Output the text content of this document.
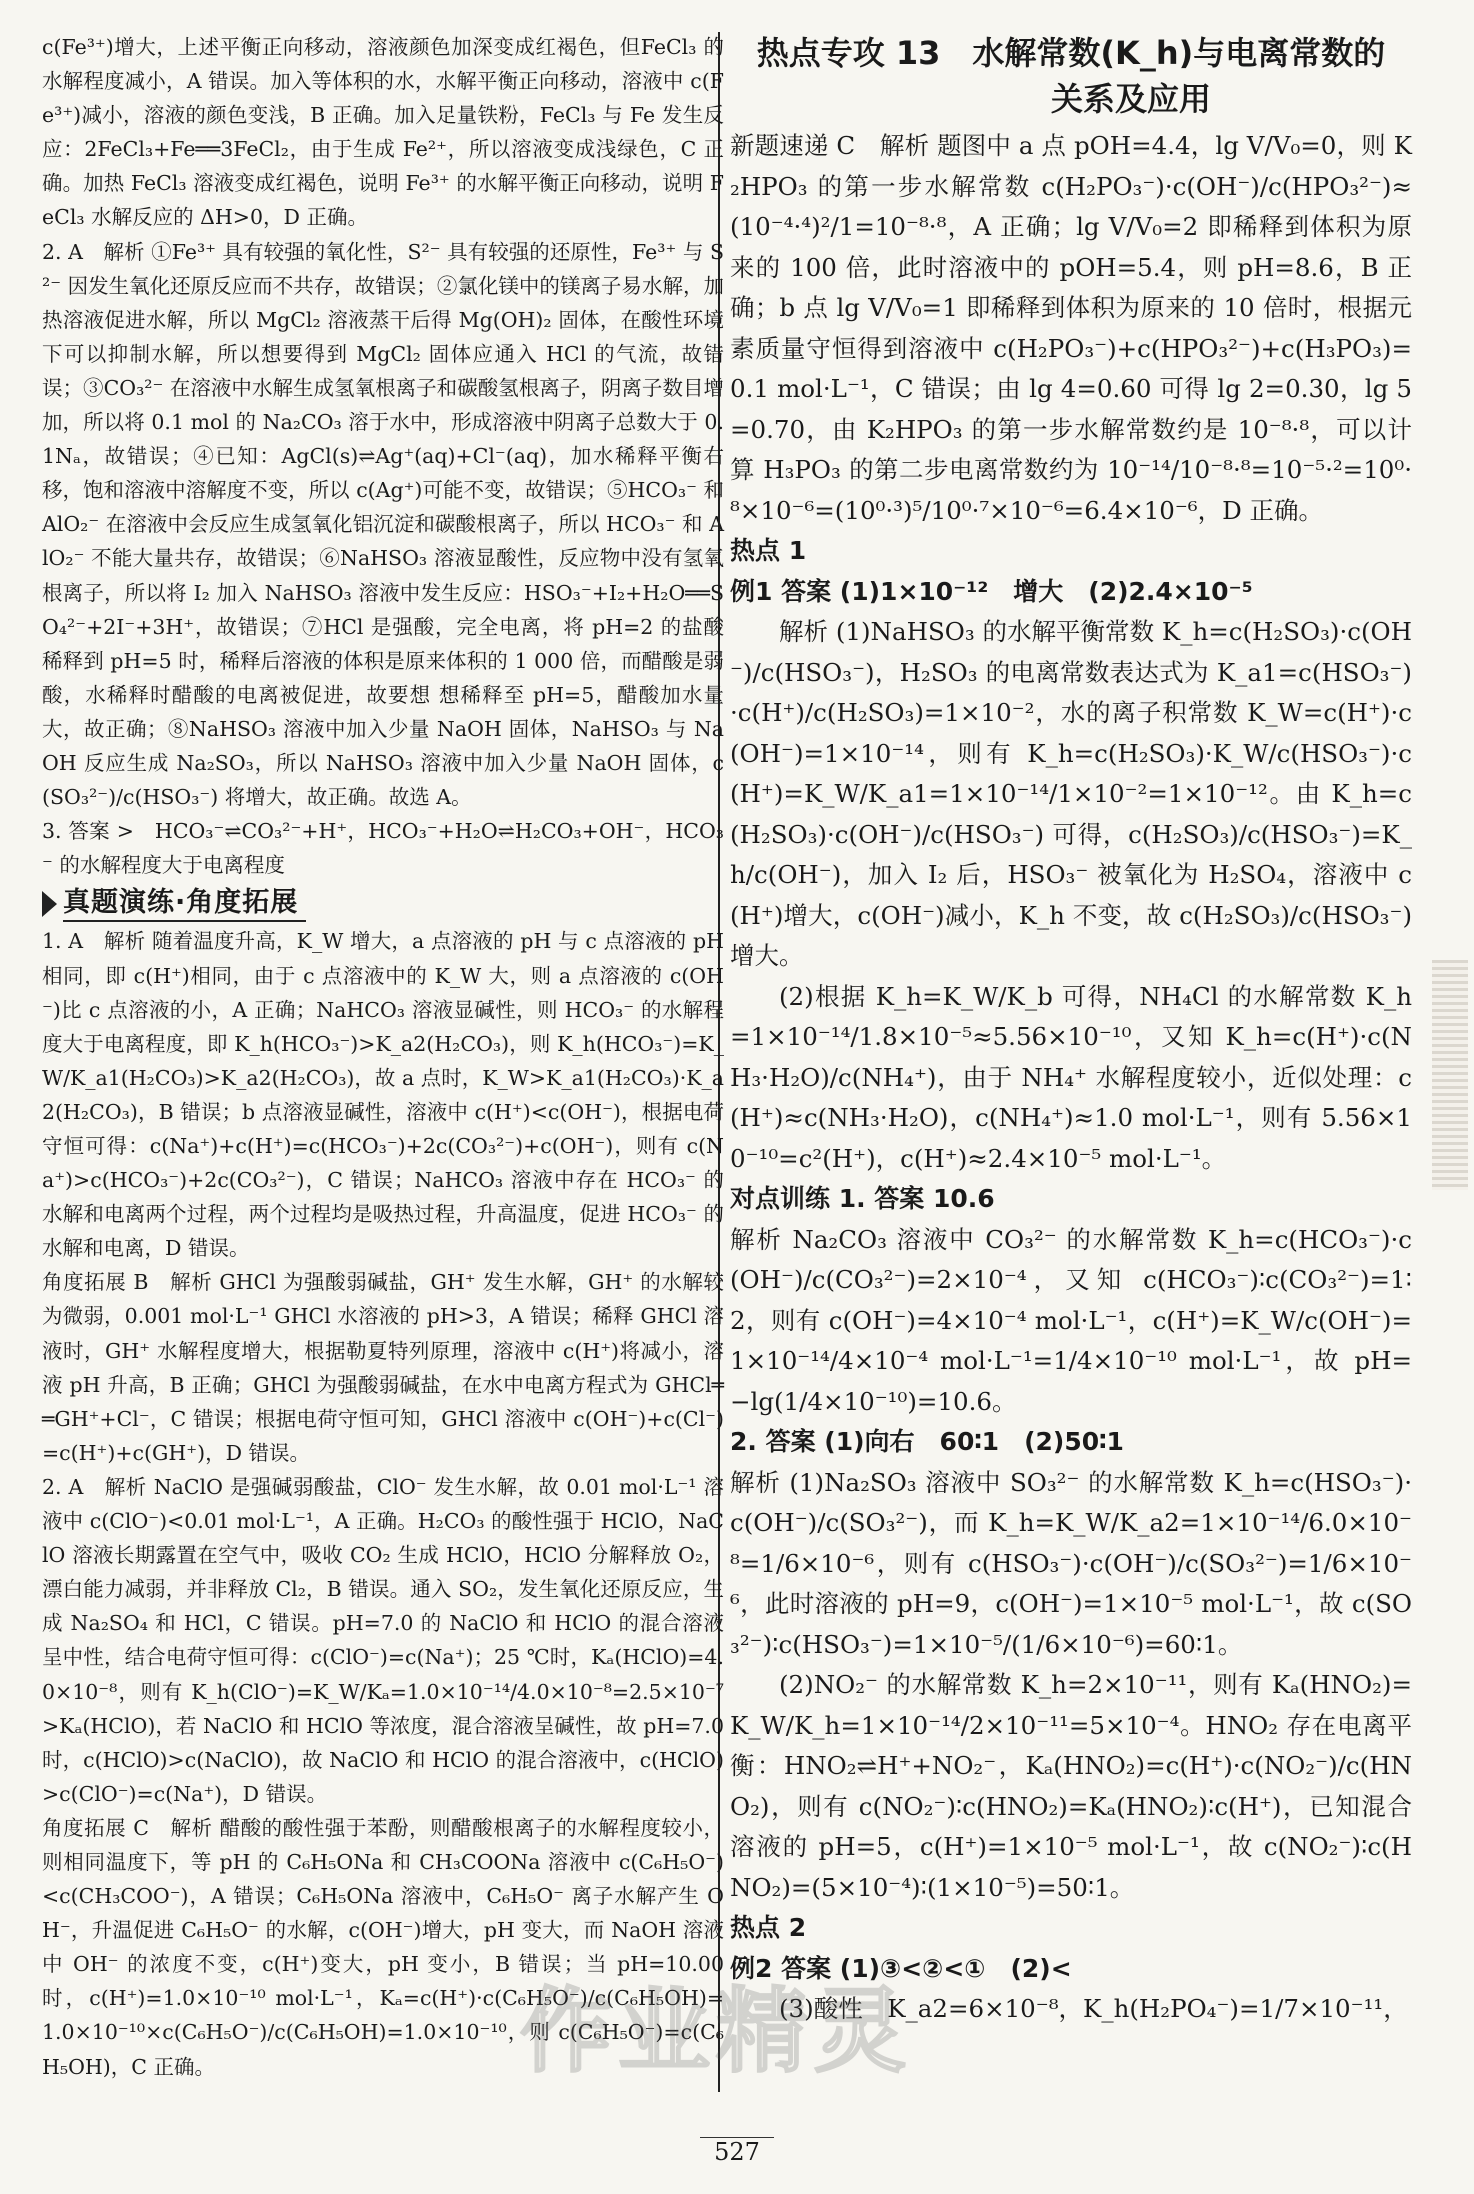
c(Fe³⁺)增大，上述平衡正向移动，溶液颜色加深变成红褐色，但FeCl₃ 的水解程度减小，A 错误。加入等体积的水，水解平衡正向移动，溶液中 c(Fe³⁺)减小，溶液的颜色变浅，B 正确。加入足量铁粉，FeCl₃ 与 Fe 发生反应：2FeCl₃+Fe══3FeCl₂，由于生成 Fe²⁺，所以溶液变成浅绿色，C 正确。加热 FeCl₃ 溶液变成红褐色，说明 Fe³⁺ 的水解平衡正向移动，说明 FeCl₃ 水解反应的 ΔH>0，D 正确。

2. A　解析 ①Fe³⁺ 具有较强的氧化性，S²⁻ 具有较强的还原性，Fe³⁺ 与 S²⁻ 因发生氧化还原反应而不共存，故错误；②氯化镁中的镁离子易水解，加热溶液促进水解，所以 MgCl₂ 溶液蒸干后得 Mg(OH)₂ 固体，在酸性环境下可以抑制水解，所以想要得到 MgCl₂ 固体应通入 HCl 的气流，故错误；③CO₃²⁻ 在溶液中水解生成氢氧根离子和碳酸氢根离子，阴离子数目增加，所以将 0.1 mol 的 Na₂CO₃ 溶于水中，形成溶液中阴离子总数大于 0.1Nₐ，故错误；④已知：AgCl(s)⇌Ag⁺(aq)+Cl⁻(aq)，加水稀释平衡右移，饱和溶液中溶解度不变，所以 c(Ag⁺)可能不变，故错误；⑤HCO₃⁻ 和 AlO₂⁻ 在溶液中会反应生成氢氧化铝沉淀和碳酸根离子，所以 HCO₃⁻ 和 AlO₂⁻ 不能大量共存，故错误；⑥NaHSO₃ 溶液显酸性，反应物中没有氢氧根离子，所以将 I₂ 加入 NaHSO₃ 溶液中发生反应：HSO₃⁻+I₂+H₂O══SO₄²⁻+2I⁻+3H⁺，故错误；⑦HCl 是强酸，完全电离，将 pH=2 的盐酸稀释到 pH=5 时，稀释后溶液的体积是原来体积的 1 000 倍，而醋酸是弱酸，水稀释时醋酸的电离被促进，故要想 想稀释至 pH=5，醋酸加水量大，故正确；⑧NaHSO₃ 溶液中加入少量 NaOH 固体，NaHSO₃ 与 NaOH 反应生成 Na₂SO₃，所以 NaHSO₃ 溶液中加入少量 NaOH 固体，c(SO₃²⁻)/c(HSO₃⁻) 将增大，故正确。故选 A。

3. 答案 >　HCO₃⁻⇌CO₃²⁻+H⁺，HCO₃⁻+H₂O⇌H₂CO₃+OH⁻，HCO₃⁻ 的水解程度大于电离程度

真题演练·角度拓展

1. A　解析 随着温度升高，K_W 增大，a 点溶液的 pH 与 c 点溶液的 pH 相同，即 c(H⁺)相同，由于 c 点溶液中的 K_W 大，则 a 点溶液的 c(OH⁻)比 c 点溶液的小，A 正确；NaHCO₃ 溶液显碱性，则 HCO₃⁻ 的水解程度大于电离程度，即 K_h(HCO₃⁻)>K_a2(H₂CO₃)，则 K_h(HCO₃⁻)=K_W/K_a1(H₂CO₃)>K_a2(H₂CO₃)，故 a 点时，K_W>K_a1(H₂CO₃)·K_a2(H₂CO₃)，B 错误；b 点溶液显碱性，溶液中 c(H⁺)<c(OH⁻)，根据电荷守恒可得：c(Na⁺)+c(H⁺)=c(HCO₃⁻)+2c(CO₃²⁻)+c(OH⁻)，则有 c(Na⁺)>c(HCO₃⁻)+2c(CO₃²⁻)，C 错误；NaHCO₃ 溶液中存在 HCO₃⁻ 的水解和电离两个过程，两个过程均是吸热过程，升高温度，促进 HCO₃⁻ 的水解和电离，D 错误。

角度拓展 B　解析 GHCl 为强酸弱碱盐，GH⁺ 发生水解，GH⁺ 的水解较为微弱，0.001 mol·L⁻¹ GHCl 水溶液的 pH>3，A 错误；稀释 GHCl 溶液时，GH⁺ 水解程度增大，根据勒夏特列原理，溶液中 c(H⁺)将减小，溶液 pH 升高，B 正确；GHCl 为强酸弱碱盐，在水中电离方程式为 GHCl══GH⁺+Cl⁻，C 错误；根据电荷守恒可知，GHCl 溶液中 c(OH⁻)+c(Cl⁻)=c(H⁺)+c(GH⁺)，D 错误。

2. A　解析 NaClO 是强碱弱酸盐，ClO⁻ 发生水解，故 0.01 mol·L⁻¹ 溶液中 c(ClO⁻)<0.01 mol·L⁻¹，A 正确。H₂CO₃ 的酸性强于 HClO，NaClO 溶液长期露置在空气中，吸收 CO₂ 生成 HClO，HClO 分解释放 O₂，漂白能力减弱，并非释放 Cl₂，B 错误。通入 SO₂，发生氧化还原反应，生成 Na₂SO₄ 和 HCl，C 错误。pH=7.0 的 NaClO 和 HClO 的混合溶液呈中性，结合电荷守恒可得：c(ClO⁻)=c(Na⁺)；25 ℃时，Kₐ(HClO)=4.0×10⁻⁸，则有 K_h(ClO⁻)=K_W/Kₐ=1.0×10⁻¹⁴/4.0×10⁻⁸=2.5×10⁻⁷>Kₐ(HClO)，若 NaClO 和 HClO 等浓度，混合溶液呈碱性，故 pH=7.0 时，c(HClO)>c(NaClO)，故 NaClO 和 HClO 的混合溶液中，c(HClO)>c(ClO⁻)=c(Na⁺)，D 错误。

角度拓展 C　解析 醋酸的酸性强于苯酚，则醋酸根离子的水解程度较小，则相同温度下，等 pH 的 C₆H₅ONa 和 CH₃COONa 溶液中 c(C₆H₅O⁻)<c(CH₃COO⁻)，A 错误；C₆H₅ONa 溶液中，C₆H₅O⁻ 离子水解产生 OH⁻，升温促进 C₆H₅O⁻ 的水解，c(OH⁻)增大，pH 变大，而 NaOH 溶液中 OH⁻ 的浓度不变，c(H⁺)变大，pH 变小，B 错误；当 pH=10.00 时，c(H⁺)=1.0×10⁻¹⁰ mol·L⁻¹，Kₐ=c(H⁺)·c(C₆H₅O⁻)/c(C₆H₅OH)=1.0×10⁻¹⁰×c(C₆H₅O⁻)/c(C₆H₅OH)=1.0×10⁻¹⁰，则 c(C₆H₅O⁻)=c(C₆H₅OH)，C 正确。

热点专攻 13　水解常数(K_h)与电离常数的
关系及应用

新题速递 C　解析 题图中 a 点 pOH=4.4，lg V/V₀=0，则 K₂HPO₃ 的第一步水解常数 c(H₂PO₃⁻)·c(OH⁻)/c(HPO₃²⁻)≈(10⁻⁴·⁴)²/1=10⁻⁸·⁸，A 正确；lg V/V₀=2 即稀释到体积为原来的 100 倍，此时溶液中的 pOH=5.4，则 pH=8.6，B 正确；b 点 lg V/V₀=1 即稀释到体积为原来的 10 倍时，根据元素质量守恒得到溶液中 c(H₂PO₃⁻)+c(HPO₃²⁻)+c(H₃PO₃)=0.1 mol·L⁻¹，C 错误；由 lg 4=0.60 可得 lg 2=0.30，lg 5=0.70，由 K₂HPO₃ 的第一步水解常数约是 10⁻⁸·⁸，可以计算 H₃PO₃ 的第二步电离常数约为 10⁻¹⁴/10⁻⁸·⁸=10⁻⁵·²=10⁰·⁸×10⁻⁶=(10⁰·³)⁵/10⁰·⁷×10⁻⁶=6.4×10⁻⁶，D 正确。

热点 1

例1 答案 (1)1×10⁻¹²　增大　(2)2.4×10⁻⁵

解析 (1)NaHSO₃ 的水解平衡常数 K_h=c(H₂SO₃)·c(OH⁻)/c(HSO₃⁻)，H₂SO₃ 的电离常数表达式为 K_a1=c(HSO₃⁻)·c(H⁺)/c(H₂SO₃)=1×10⁻²，水的离子积常数 K_W=c(H⁺)·c(OH⁻)=1×10⁻¹⁴，则有 K_h=c(H₂SO₃)·K_W/c(HSO₃⁻)·c(H⁺)=K_W/K_a1=1×10⁻¹⁴/1×10⁻²=1×10⁻¹²。由 K_h=c(H₂SO₃)·c(OH⁻)/c(HSO₃⁻) 可得，c(H₂SO₃)/c(HSO₃⁻)=K_h/c(OH⁻)，加入 I₂ 后，HSO₃⁻ 被氧化为 H₂SO₄，溶液中 c(H⁺)增大，c(OH⁻)减小，K_h 不变，故 c(H₂SO₃)/c(HSO₃⁻) 增大。

(2)根据 K_h=K_W/K_b 可得，NH₄Cl 的水解常数 K_h=1×10⁻¹⁴/1.8×10⁻⁵≈5.56×10⁻¹⁰，又知 K_h=c(H⁺)·c(NH₃·H₂O)/c(NH₄⁺)，由于 NH₄⁺ 水解程度较小，近似处理：c(H⁺)≈c(NH₃·H₂O)，c(NH₄⁺)≈1.0 mol·L⁻¹，则有 5.56×10⁻¹⁰=c²(H⁺)，c(H⁺)≈2.4×10⁻⁵ mol·L⁻¹。

对点训练 1. 答案 10.6

解析 Na₂CO₃ 溶液中 CO₃²⁻ 的水解常数 K_h=c(HCO₃⁻)·c(OH⁻)/c(CO₃²⁻)=2×10⁻⁴，又知 c(HCO₃⁻)∶c(CO₃²⁻)=1∶2，则有 c(OH⁻)=4×10⁻⁴ mol·L⁻¹，c(H⁺)=K_W/c(OH⁻)=1×10⁻¹⁴/4×10⁻⁴ mol·L⁻¹=1/4×10⁻¹⁰ mol·L⁻¹，故 pH=−lg(1/4×10⁻¹⁰)=10.6。

2. 答案 (1)向右　60∶1　(2)50∶1

解析 (1)Na₂SO₃ 溶液中 SO₃²⁻ 的水解常数 K_h=c(HSO₃⁻)·c(OH⁻)/c(SO₃²⁻)，而 K_h=K_W/K_a2=1×10⁻¹⁴/6.0×10⁻⁸=1/6×10⁻⁶，则有 c(HSO₃⁻)·c(OH⁻)/c(SO₃²⁻)=1/6×10⁻⁶，此时溶液的 pH=9，c(OH⁻)=1×10⁻⁵ mol·L⁻¹，故 c(SO₃²⁻)∶c(HSO₃⁻)=1×10⁻⁵/(1/6×10⁻⁶)=60∶1。

(2)NO₂⁻ 的水解常数 K_h=2×10⁻¹¹，则有 Kₐ(HNO₂)=K_W/K_h=1×10⁻¹⁴/2×10⁻¹¹=5×10⁻⁴。HNO₂ 存在电离平衡：HNO₂⇌H⁺+NO₂⁻，Kₐ(HNO₂)=c(H⁺)·c(NO₂⁻)/c(HNO₂)，则有 c(NO₂⁻)∶c(HNO₂)=Kₐ(HNO₂)∶c(H⁺)，已知混合溶液的 pH=5，c(H⁺)=1×10⁻⁵ mol·L⁻¹，故 c(NO₂⁻)∶c(HNO₂)=(5×10⁻⁴)∶(1×10⁻⁵)=50∶1。

热点 2

例2 答案 (1)③<②<①　(2)<

(3)酸性　K_a2=6×10⁻⁸，K_h(H₂PO₄⁻)=1/7×10⁻¹¹，

作业精灵
527
